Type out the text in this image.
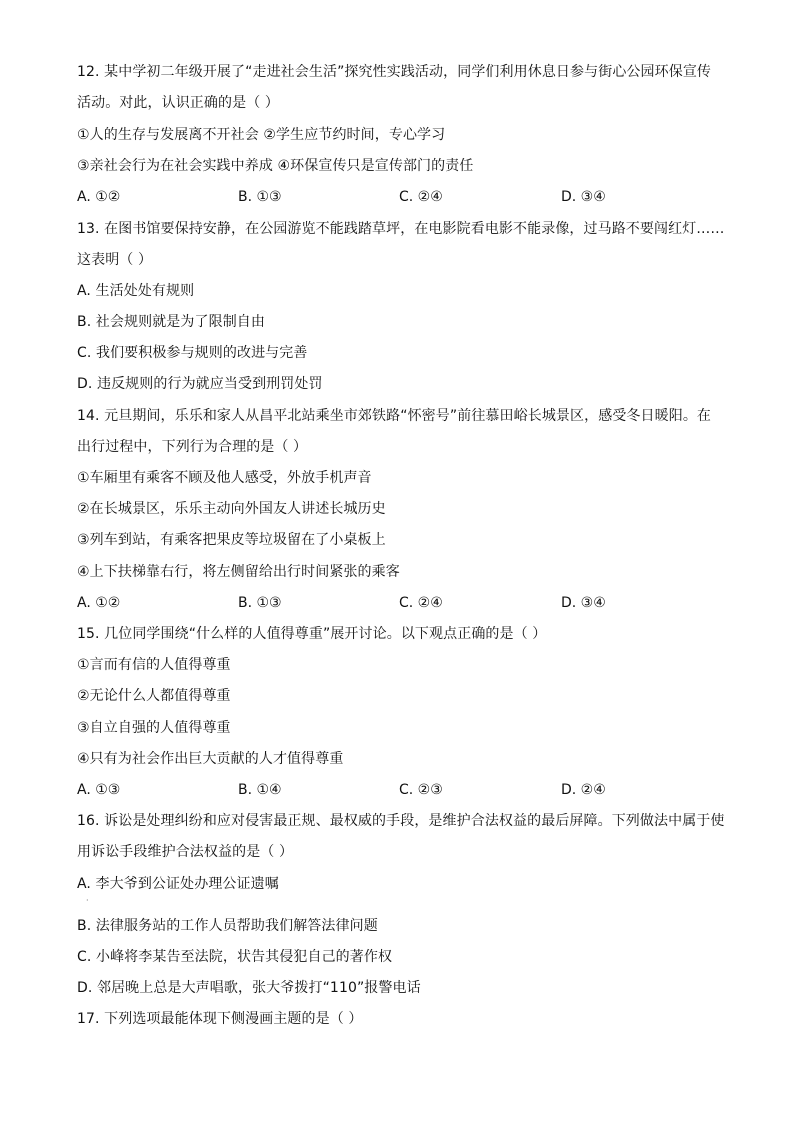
12. 某中学初二年级开展了“走进社会生活”探究性实践活动，同学们利用休息日参与街心公园环保宣传
活动。对此，认识正确的是（ ）
①人的生存与发展离不开社会 ②学生应节约时间，专心学习
③亲社会行为在社会实践中养成 ④环保宣传只是宣传部门的责任
A. ①②	B. ①③	C. ②④	D. ③④
13. 在图书馆要保持安静，在公园游览不能践踏草坪，在电影院看电影不能录像，过马路不要闯红灯……
这表明（ ）
A. 生活处处有规则
B. 社会规则就是为了限制自由
C. 我们要积极参与规则的改进与完善
D. 违反规则的行为就应当受到刑罚处罚
14. 元旦期间，乐乐和家人从昌平北站乘坐市郊铁路“怀密号”前往慕田峪长城景区，感受冬日暖阳。在
出行过程中，下列行为合理的是（ ）
①车厢里有乘客不顾及他人感受，外放手机声音
②在长城景区，乐乐主动向外国友人讲述长城历史
③列车到站，有乘客把果皮等垃圾留在了小桌板上
④上下扶梯靠右行，将左侧留给出行时间紧张的乘客
A. ①②	B. ①③	C. ②④	D. ③④
15. 几位同学围绕“什么样的人值得尊重”展开讨论。以下观点正确的是（ ）
①言而有信的人值得尊重
②无论什么人都值得尊重
③自立自强的人值得尊重
④只有为社会作出巨大贡献的人才值得尊重
A. ①③	B. ①④	C. ②③	D. ②④
16. 诉讼是处理纠纷和应对侵害最正规、最权威的手段，是维护合法权益的最后屏障。下列做法中属于使
用诉讼手段维护合法权益的是（ ）
A. 李大爷到公证处办理公证遗嘱
·
B. 法律服务站的工作人员帮助我们解答法律问题
C. 小峰将李某告至法院，状告其侵犯自己的著作权
D. 邻居晚上总是大声唱歌，张大爷拨打“110”报警电话
17. 下列选项最能体现下侧漫画主题的是（ ）
